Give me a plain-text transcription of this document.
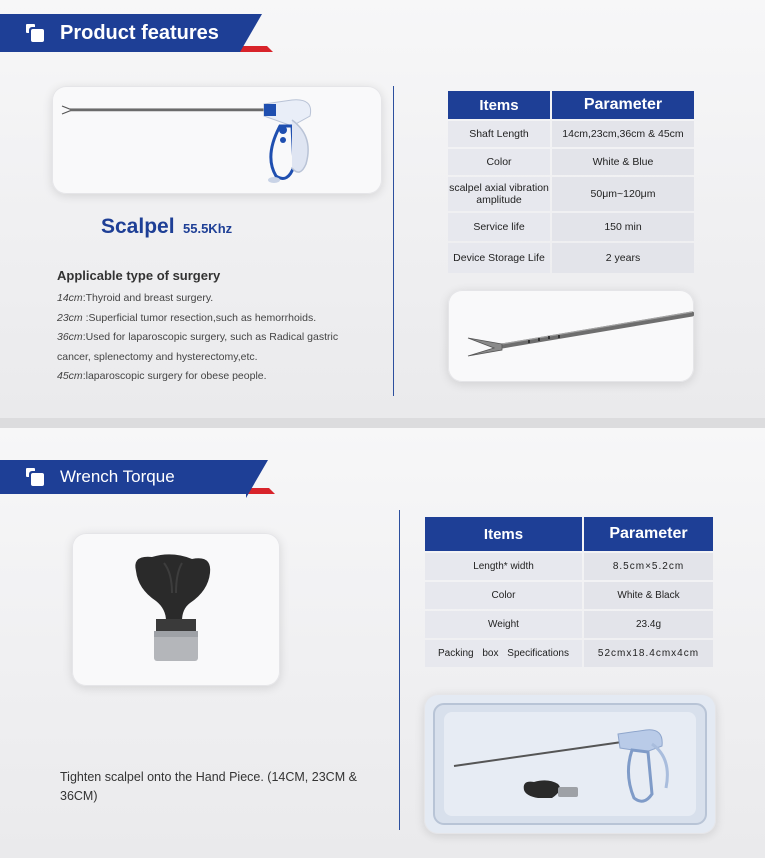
Product features
Scalpel 55.5Khz
Applicable type of surgery
14cm:Thyroid and breast surgery.
23cm :Superficial tumor resection,such as hemorrhoids.
36cm:Used for laparoscopic surgery, such as Radical gastric
cancer, splenectomy and hysterectomy,etc.
45cm:laparoscopic surgery for obese people.
Items	Parameter
Shaft Length	14cm,23cm,36cm & 45cm
Color	White & Blue
scalpel axial vibration amplitude	50μm~120μm
Service life	150 min
Device Storage Life	2 years
Wrench Torque
Tighten scalpel onto the Hand Piece. (14CM, 23CM & 36CM)
Items	Parameter
Length* width	8.5cm×5.2cm
Color	White & Black
Weight	23.4g
Packing box Specifications	52cmx18.4cmx4cm
